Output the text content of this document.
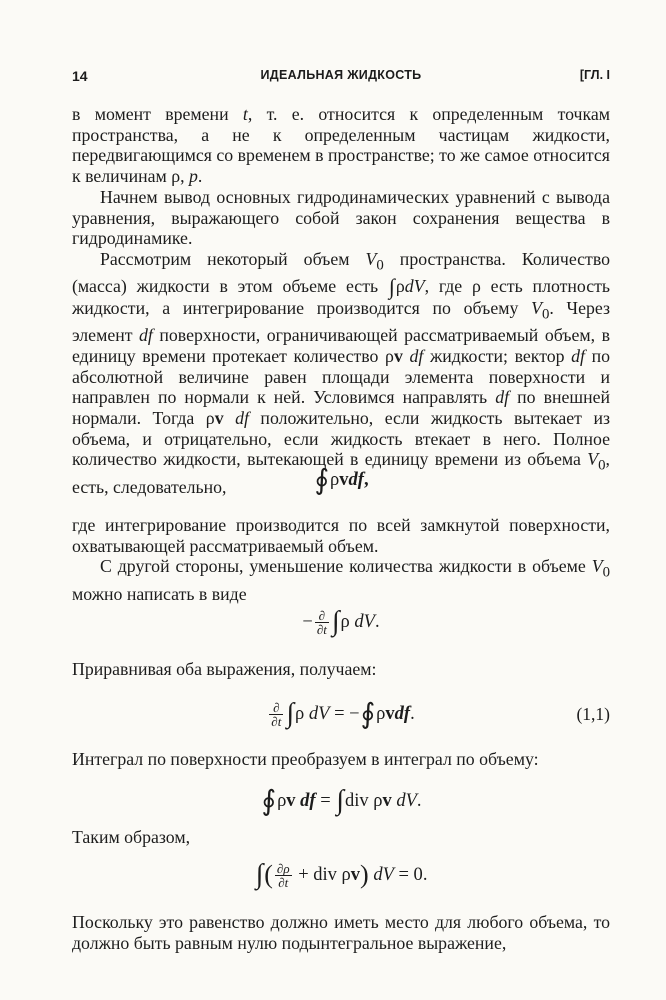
14	ИДЕАЛЬНАЯ ЖИДКОСТЬ	[ГЛ. I

в момент времени t, т. е. относится к определенным точкам пространства, а не к определенным частицам жидкости, передвигающимся со временем в пространстве; то же самое относится к величинам ρ, p.

Начнем вывод основных гидродинамических уравнений с вывода уравнения, выражающего собой закон сохранения вещества в гидродинамике.

Рассмотрим некоторый объем $V_0$ пространства. Количество (масса) жидкости в этом объеме есть ∫ρdV, где ρ есть плотность жидкости, а интегрирование производится по объему $V_0$. Через элемент df поверхности, ограничивающей рассматриваемый объем, в единицу времени протекает количество ρv df жидкости; вектор df по абсолютной величине равен площади элемента поверхности и направлен по нормали к ней. Условимся направлять df по внешней нормали. Тогда ρv df положительно, если жидкость вытекает из объема, и отрицательно, если жидкость втекает в него. Полное количество жидкости, вытекающей в единицу времени из объема $V_0$, есть, следовательно,	∮ ρ v df ,

где интегрирование производится по всей замкнутой поверхности, охватывающей рассматриваемый объем.

С другой стороны, уменьшение количества жидкости в объеме $V_0$ можно написать в виде

− $\frac{\partial}{\partial t}$ ∫ ρ
dV .

Приравнивая оба выражения, получаем:

$\frac{\partial}{\partial t}$ ∫ ρ
dV
= − ∮ ρ v df .	(1,1)

Интеграл по поверхности преобразуем в интеграл по объему:

∮ ρ v
df
=
∫ div
ρ v
dV .

Таким образом,

∫ ( $\frac{\partial\rho}{\partial t}$
+
div
ρ v )
dV
= 0 .

Поскольку это равенство должно иметь место для любого объема, то должно быть равным нулю подынтегральное выражение,
